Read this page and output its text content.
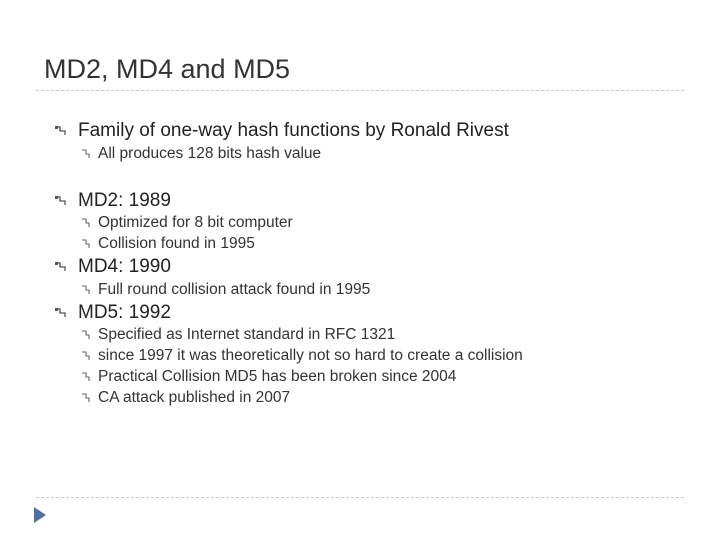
MD2, MD4 and MD5
Family of one-way hash functions by Ronald Rivest
All produces 128 bits hash value
MD2: 1989
Optimized for 8 bit computer
Collision found in 1995
MD4: 1990
Full round collision attack found in 1995
MD5: 1992
Specified as Internet standard in RFC 1321
since 1997 it was theoretically not so hard to create a collision
Practical Collision MD5 has been broken since 2004
CA attack published in 2007
